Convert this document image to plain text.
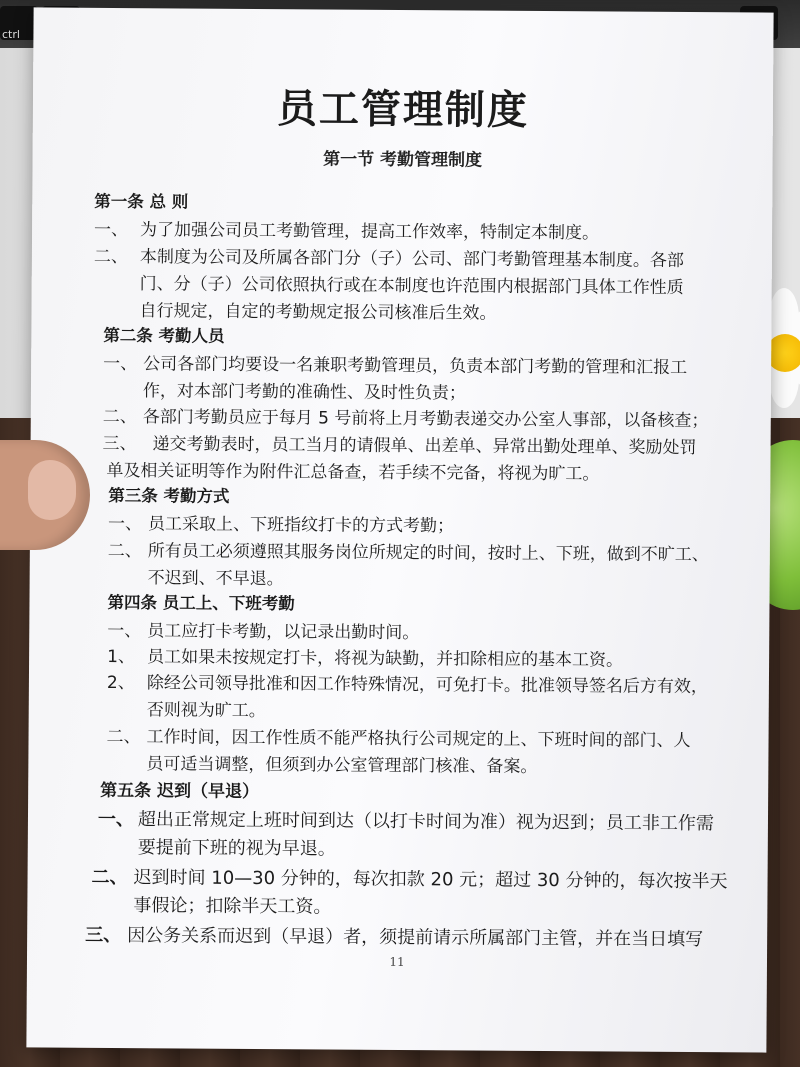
ctrl
员工管理制度
第一节 考勤管理制度
第一条 总 则
一、 为了加强公司员工考勤管理，提高工作效率，特制定本制度。
二、 本制度为公司及所属各部门分（子）公司、部门考勤管理基本制度。各部
门、分（子）公司依照执行或在本制度也许范围内根据部门具体工作性质
自行规定，自定的考勤规定报公司核准后生效。
第二条 考勤人员
一、 公司各部门均要设一名兼职考勤管理员，负责本部门考勤的管理和汇报工
作，对本部门考勤的准确性、及时性负责；
二、 各部门考勤员应于每月 5 号前将上月考勤表递交办公室人事部，以备核查；
三、 递交考勤表时，员工当月的请假单、出差单、异常出勤处理单、奖励处罚
单及相关证明等作为附件汇总备查，若手续不完备，将视为旷工。
第三条 考勤方式
一、 员工采取上、下班指纹打卡的方式考勤；
二、 所有员工必须遵照其服务岗位所规定的时间，按时上、下班，做到不旷工、
不迟到、不早退。
第四条 员工上、下班考勤
一、 员工应打卡考勤，以记录出勤时间。
1、 员工如果未按规定打卡，将视为缺勤，并扣除相应的基本工资。
2、 除经公司领导批准和因工作特殊情况，可免打卡。批准领导签名后方有效，
否则视为旷工。
二、 工作时间，因工作性质不能严格执行公司规定的上、下班时间的部门、人
员可适当调整，但须到办公室管理部门核准、备案。
第五条 迟到（早退）
一、 超出正常规定上班时间到达（以打卡时间为准）视为迟到；员工非工作需
要提前下班的视为早退。
二、 迟到时间 10—30 分钟的，每次扣款 20 元；超过 30 分钟的，每次按半天
事假论；扣除半天工资。
三、 因公务关系而迟到（早退）者，须提前请示所属部门主管，并在当日填写
11
